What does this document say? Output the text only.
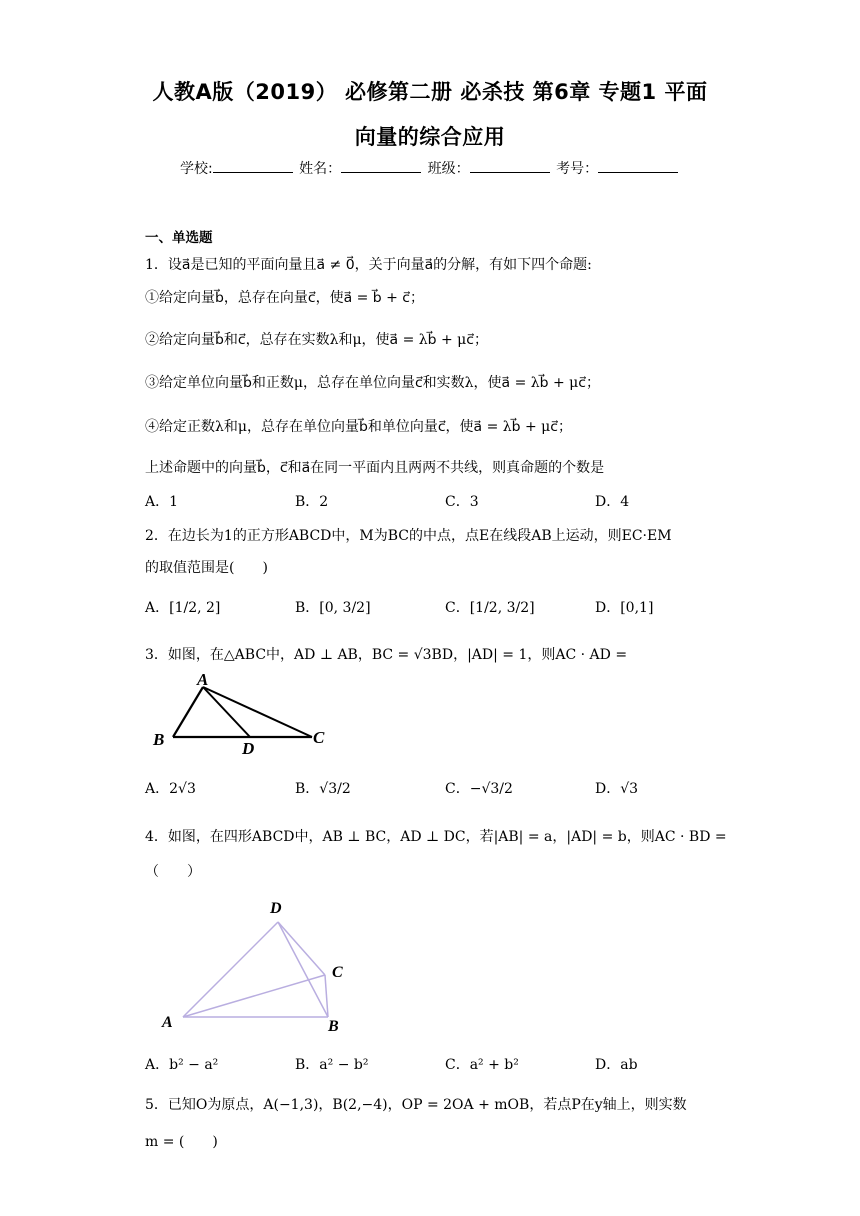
人教A版（2019） 必修第二册 必杀技 第6章 专题1 平面
向量的综合应用
学校:	姓名：	班级：	考号：
一、单选题
1．设a⃗是已知的平面向量且a⃗ ≠ 0⃗，关于向量a⃗的分解，有如下四个命题:
①给定向量b⃗，总存在向量c⃗，使a⃗ = b⃗ + c⃗；
②给定向量b⃗和c⃗，总存在实数λ和μ，使a⃗ = λb⃗ + μc⃗；
③给定单位向量b⃗和正数μ，总存在单位向量c⃗和实数λ，使a⃗ = λb⃗ + μc⃗；
④给定正数λ和μ，总存在单位向量b⃗和单位向量c⃗，使a⃗ = λb⃗ + μc⃗；
上述命题中的向量b⃗，c⃗和a⃗在同一平面内且两两不共线，则真命题的个数是
A．1	B．2	C．3	D．4
2．在边长为1的正方形ABCD中，M为BC的中点，点E在线段AB上运动，则EC·EM
的取值范围是(　　)
A．[1/2, 2]	B．[0, 3/2]	C．[1/2, 3/2]	D．[0,1]
3．如图，在△ABC中，AD ⊥ AB，BC = √3BD，|AD| = 1，则AC · AD =
A
B	D
C
A．2√3	B．√3/2	C．−√3/2	D．√3
4．如图，在四形ABCD中，AB ⊥ BC，AD ⊥ DC，若|AB| = a，|AD| = b，则AC · BD =
（　　）
D
C
A	B
A．b² − a²	B．a² − b²	C．a² + b²	D．ab
5．已知O为原点，A(−1,3)，B(2,−4)，OP = 2OA + mOB，若点P在y轴上，则实数
m = (　　)
